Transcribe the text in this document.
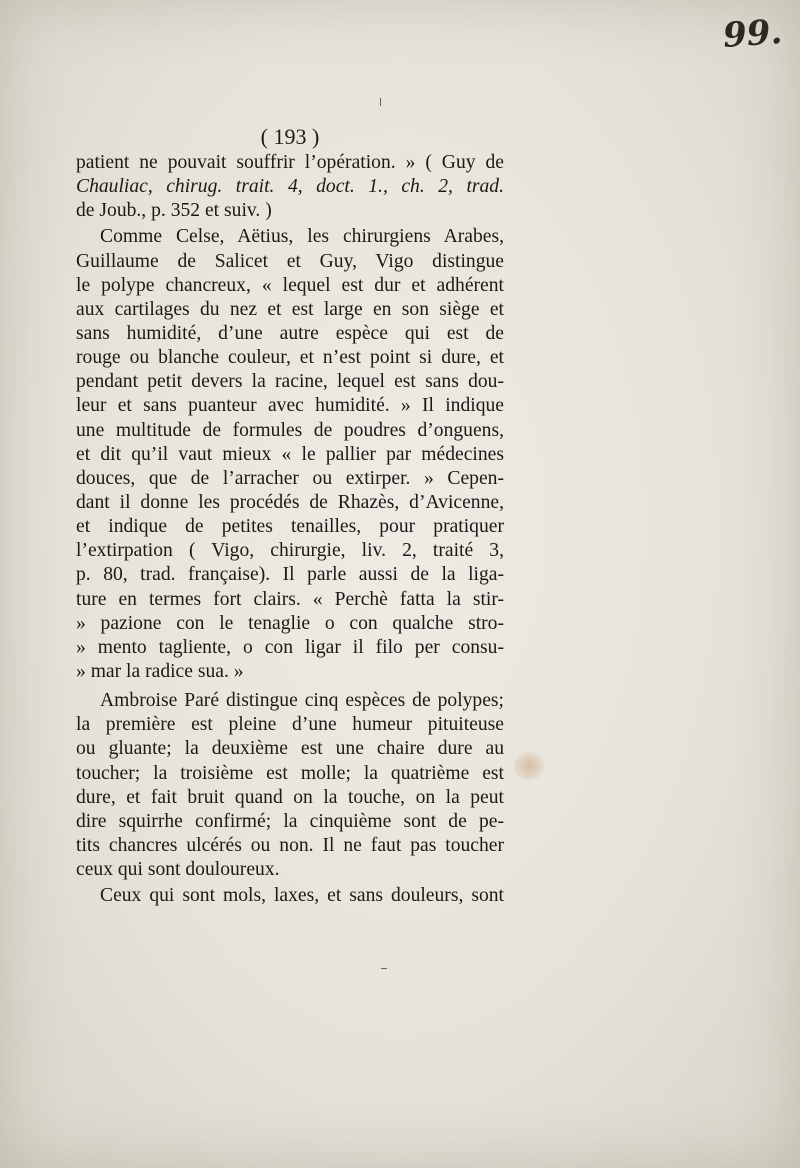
99.
( 193 )
patient ne pouvait souffrir l’opération. » ( Guy de
Chauliac, chirug. trait. 4, doct. 1., ch. 2, trad.
de Joub., p. 352 et suiv. )
Comme Celse, Aëtius, les chirurgiens Arabes,
Guillaume de Salicet et Guy, Vigo distingue
le polype chancreux, « lequel est dur et adhérent
aux cartilages du nez et est large en son siège et
sans humidité, d’une autre espèce qui est de
rouge ou blanche couleur, et n’est point si dure, et
pendant petit devers la racine, lequel est sans dou-
leur et sans puanteur avec humidité. » Il indique
une multitude de formules de poudres d’onguens,
et dit qu’il vaut mieux « le pallier par médecines
douces, que de l’arracher ou extirper. » Cepen-
dant il donne les procédés de Rhazès, d’Avicenne,
et indique de petites tenailles, pour pratiquer
l’extirpation ( Vigo, chirurgie, liv. 2, traité 3,
p. 80, trad. française). Il parle aussi de la liga-
ture en termes fort clairs. « Perchè fatta la stir-
» pazione con le tenaglie o con qualche stro-
» mento tagliente, o con ligar il filo per consu-
» mar la radice sua. »
Ambroise Paré distingue cinq espèces de polypes;
la première est pleine d’une humeur pituiteuse
ou gluante; la deuxième est une chaire dure au
toucher; la troisième est molle; la quatrième est
dure, et fait bruit quand on la touche, on la peut
dire squirrhe confirmé; la cinquième sont de pe-
tits chancres ulcérés ou non. Il ne faut pas toucher
ceux qui sont douloureux.
Ceux qui sont mols, laxes, et sans douleurs, sont
